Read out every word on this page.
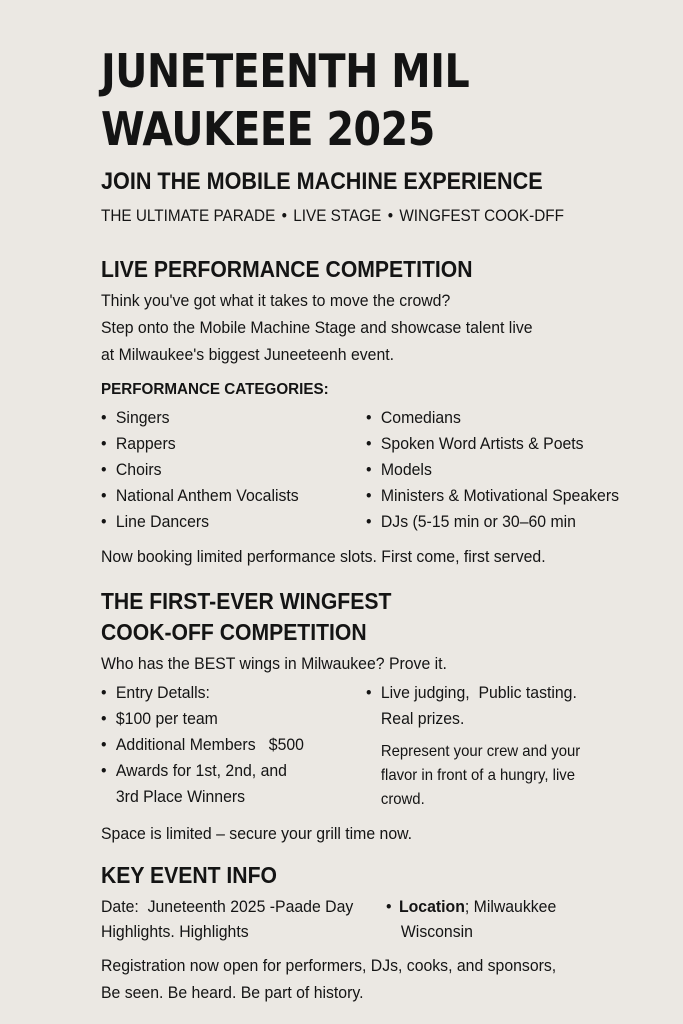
JUNETEENTH MIL
WAUKEEE 2025
JOIN THE MOBILE MACHINE EXPERIENCE
THE ULTIMATE PARADE • LIVE STAGE • WINGFEST COOK-DFF
LIVE PERFORMANCE COMPETITION
Think you've got what it takes to move the crowd?
Step onto the Mobile Machine Stage and showcase talent live
at Milwaukee's biggest Juneeteenh event.
PERFORMANCE CATEGORIES:
• Singers
• Rappers
• Choirs
• National Anthem Vocalists
• Line Dancers
• Comedians
• Spoken Word Artists & Poets
• Models
• Ministers & Motivational Speakers
• DJs (5-15 min or 30–60 min
Now booking limited performance slots. First come, first served.
THE FIRST-EVER WINGFEST
COOK-OFF COMPETITION
Who has the BEST wings in Milwaukee? Prove it.
• Entry Detalls:
• $100 per team
• Additional Members   $500
• Awards for 1st, 2nd, and
3rd Place Winners
• Live judging,  Public tasting.
Real prizes.
Represent your crew and your
flavor in front of a hungry, live
crowd.
Space is limited – secure your grill time now.
KEY EVENT INFO
Date:  Juneteenth 2025 -Paade Day
Highlights. Highlights
• Location; Milwaukkee
Wisconsin
Registration now open for performers, DJs, cooks, and sponsors,
Be seen. Be heard. Be part of history.
